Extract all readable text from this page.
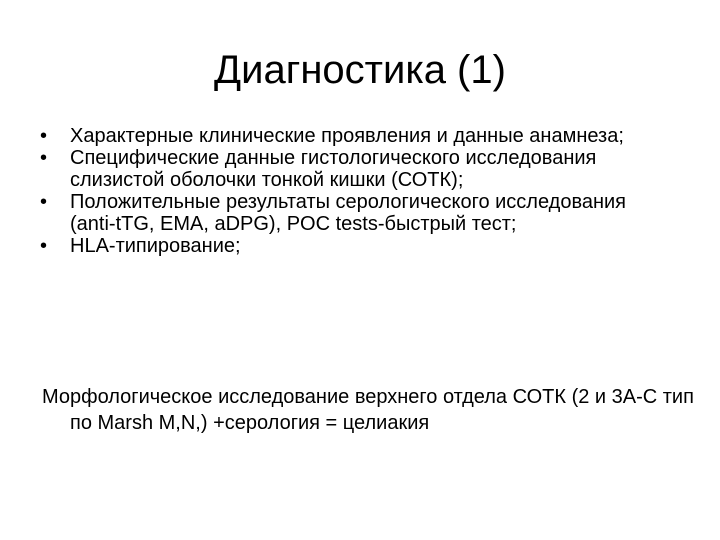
Диагностика (1)
• Характерные клинические проявления и данные анамнеза;
• Специфические данные гистологического исследования слизистой оболочки тонкой кишки (СОТК);
• Положительные результаты серологического исследования (anti-tTG, EMA, aDPG), POC tests-быстрый тест;
• HLA-типирование;

Морфологическое исследование верхнего отдела СОТК (2 и 3А-С тип по Marsh M,N,) +серология = целиакия
